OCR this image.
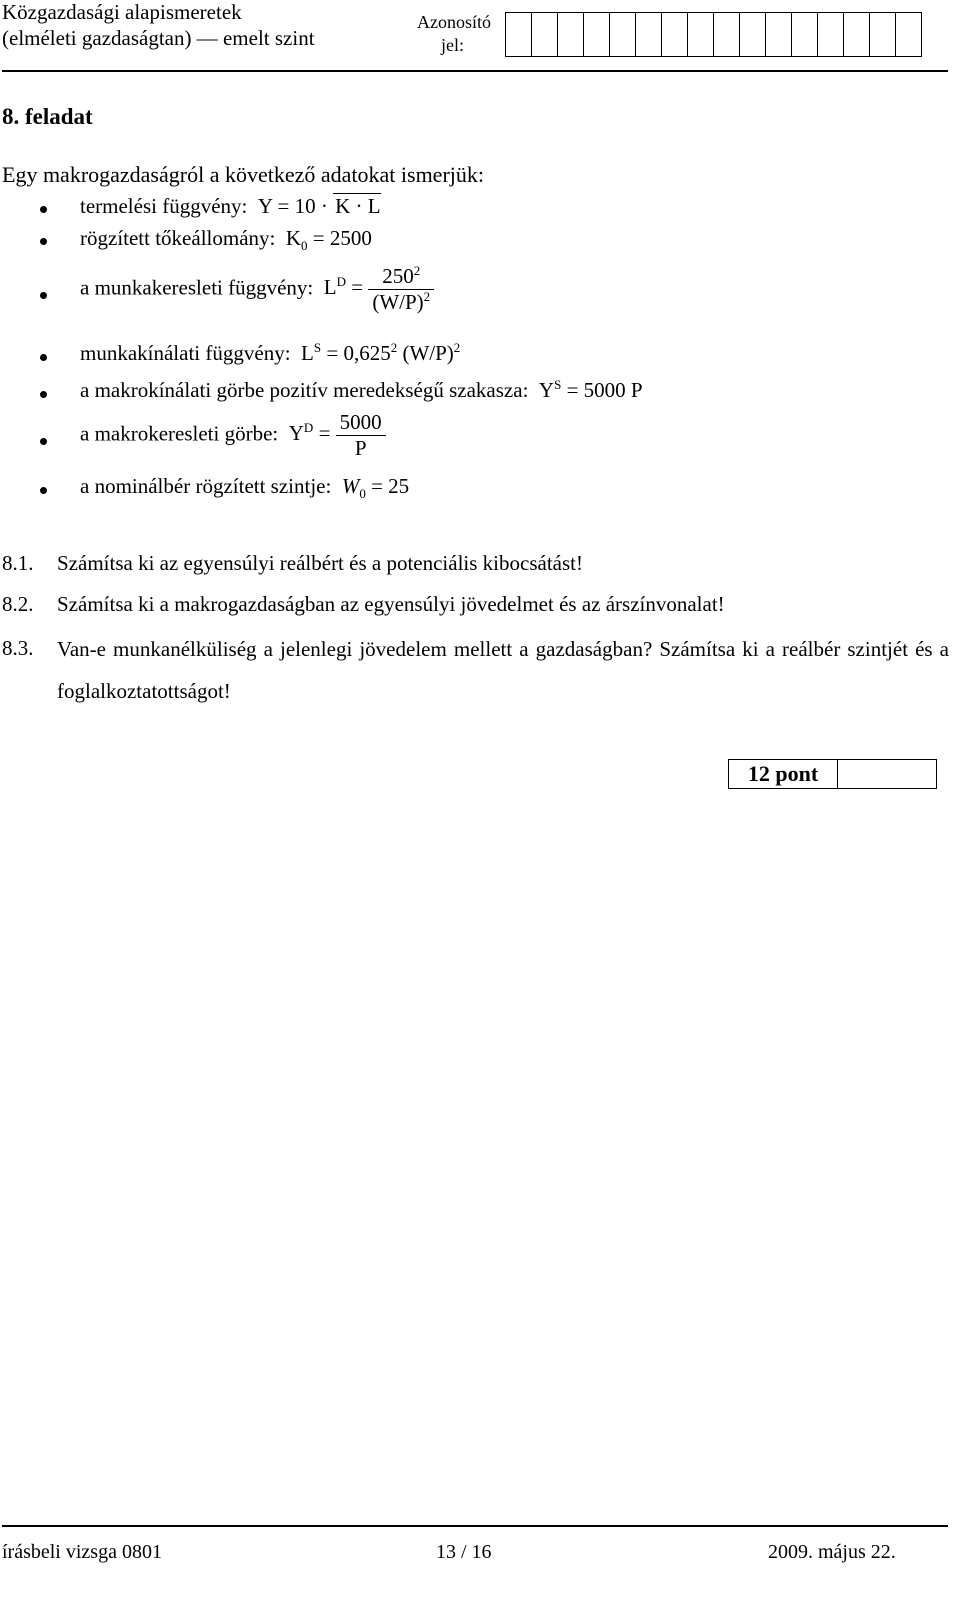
Közgazdasági alapismeretek
(elméleti gazdaságtan) — emelt szint
Azonosító
jel:
8. feladat
Egy makrogazdaságról a következő adatokat ismerjük:
termelési függvény:  Y = 10 · K · L
rögzített tőkeállomány:  $K_0 = 2500$
a munkakeresleti függvény:  $L^D = \frac{250^2}{(W/P)^2}$
munkakínálati függvény:  $L^S = 0,625^2$ $(W/P)^2$
a makrokínálati görbe pozitív meredekségű szakasza:  $Y^S = 5000$ P
a makrokeresleti görbe:  $Y^D = \frac{5000}{P}$
a nominálbér rögzített szintje: $W_0 = 25$
8.1. Számítsa ki az egyensúlyi reálbért és a potenciális kibocsátást!
8.2. Számítsa ki a makrogazdaságban az egyensúlyi jövedelmet és az árszínvonalat!
8.3. Van-e munkanélküliség a jelenlegi jövedelem mellett a gazdaságban? Számítsa ki a reálbér szintjét és a foglalkoztatottságot!
12 pont
írásbeli vizsga 0801	13 / 16	2009. május 22.
